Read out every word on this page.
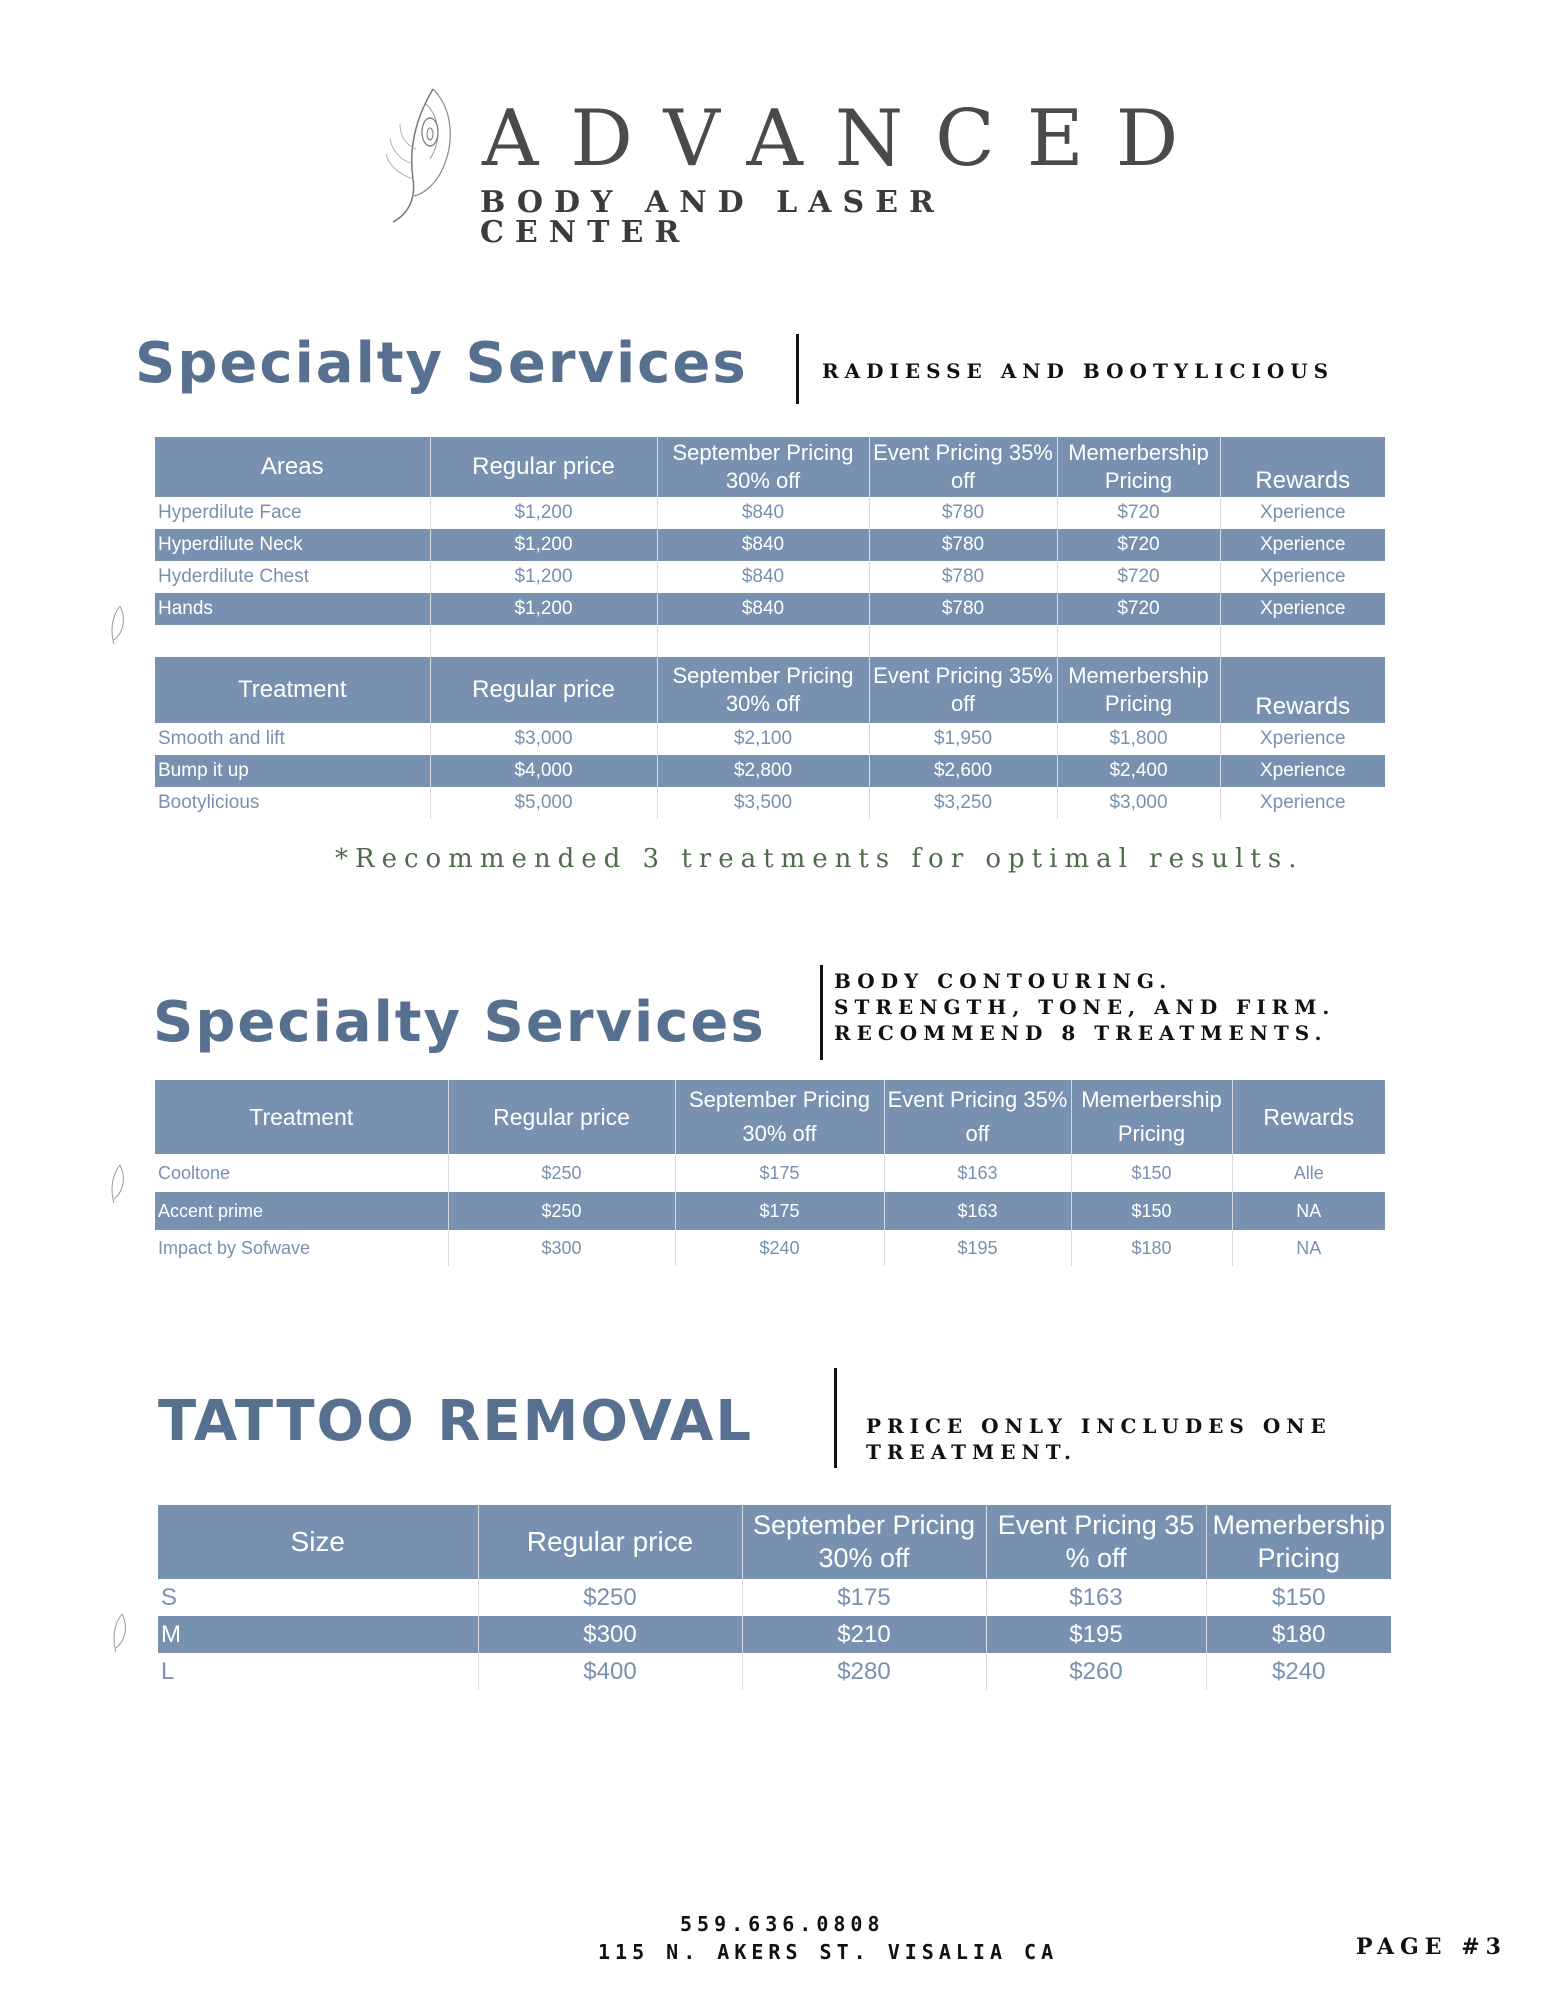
ADVANCED
BODY AND LASER CENTER
Specialty Services	RADIESSE AND BOOTYLICIOUS
Areas	Regular price	September Pricing 30% off	Event Pricing 35% off	Memerbership Pricing	Rewards
Hyperdilute Face	$1,200	$840	$780	$720	Xperience
Hyperdilute Neck	$1,200	$840	$780	$720	Xperience
Hyderdilute Chest	$1,200	$840	$780	$720	Xperience
Hands	$1,200	$840	$780	$720	Xperience

Treatment	Regular price	September Pricing 30% off	Event Pricing 35% off	Memerbership Pricing	Rewards
Smooth and lift	$3,000	$2,100	$1,950	$1,800	Xperience
Bump it up	$4,000	$2,800	$2,600	$2,400	Xperience
Bootylicious	$5,000	$3,500	$3,250	$3,000	Xperience
*Recommended 3 treatments for optimal results.
Specialty Services
BODY CONTOURING. STRENGTH, TONE, AND FIRM. RECOMMEND 8 TREATMENTS.
Treatment	Regular price	September Pricing 30% off	Event Pricing 35% off	Memerbership Pricing	Rewards
Cooltone	$250	$175	$163	$150	Alle
Accent prime	$250	$175	$163	$150	NA
Impact by Sofwave	$300	$240	$195	$180	NA
TATTOO REMOVAL	PRICE ONLY INCLUDES ONE TREATMENT.
Size	Regular price	September Pricing 30% off	Event Pricing 35 % off	Memerbership Pricing
S	$250	$175	$163	$150
M	$300	$210	$195	$180
L	$400	$280	$260	$240
559.636.0808
115 N. AKERS ST. VISALIA CA	PAGE #3
